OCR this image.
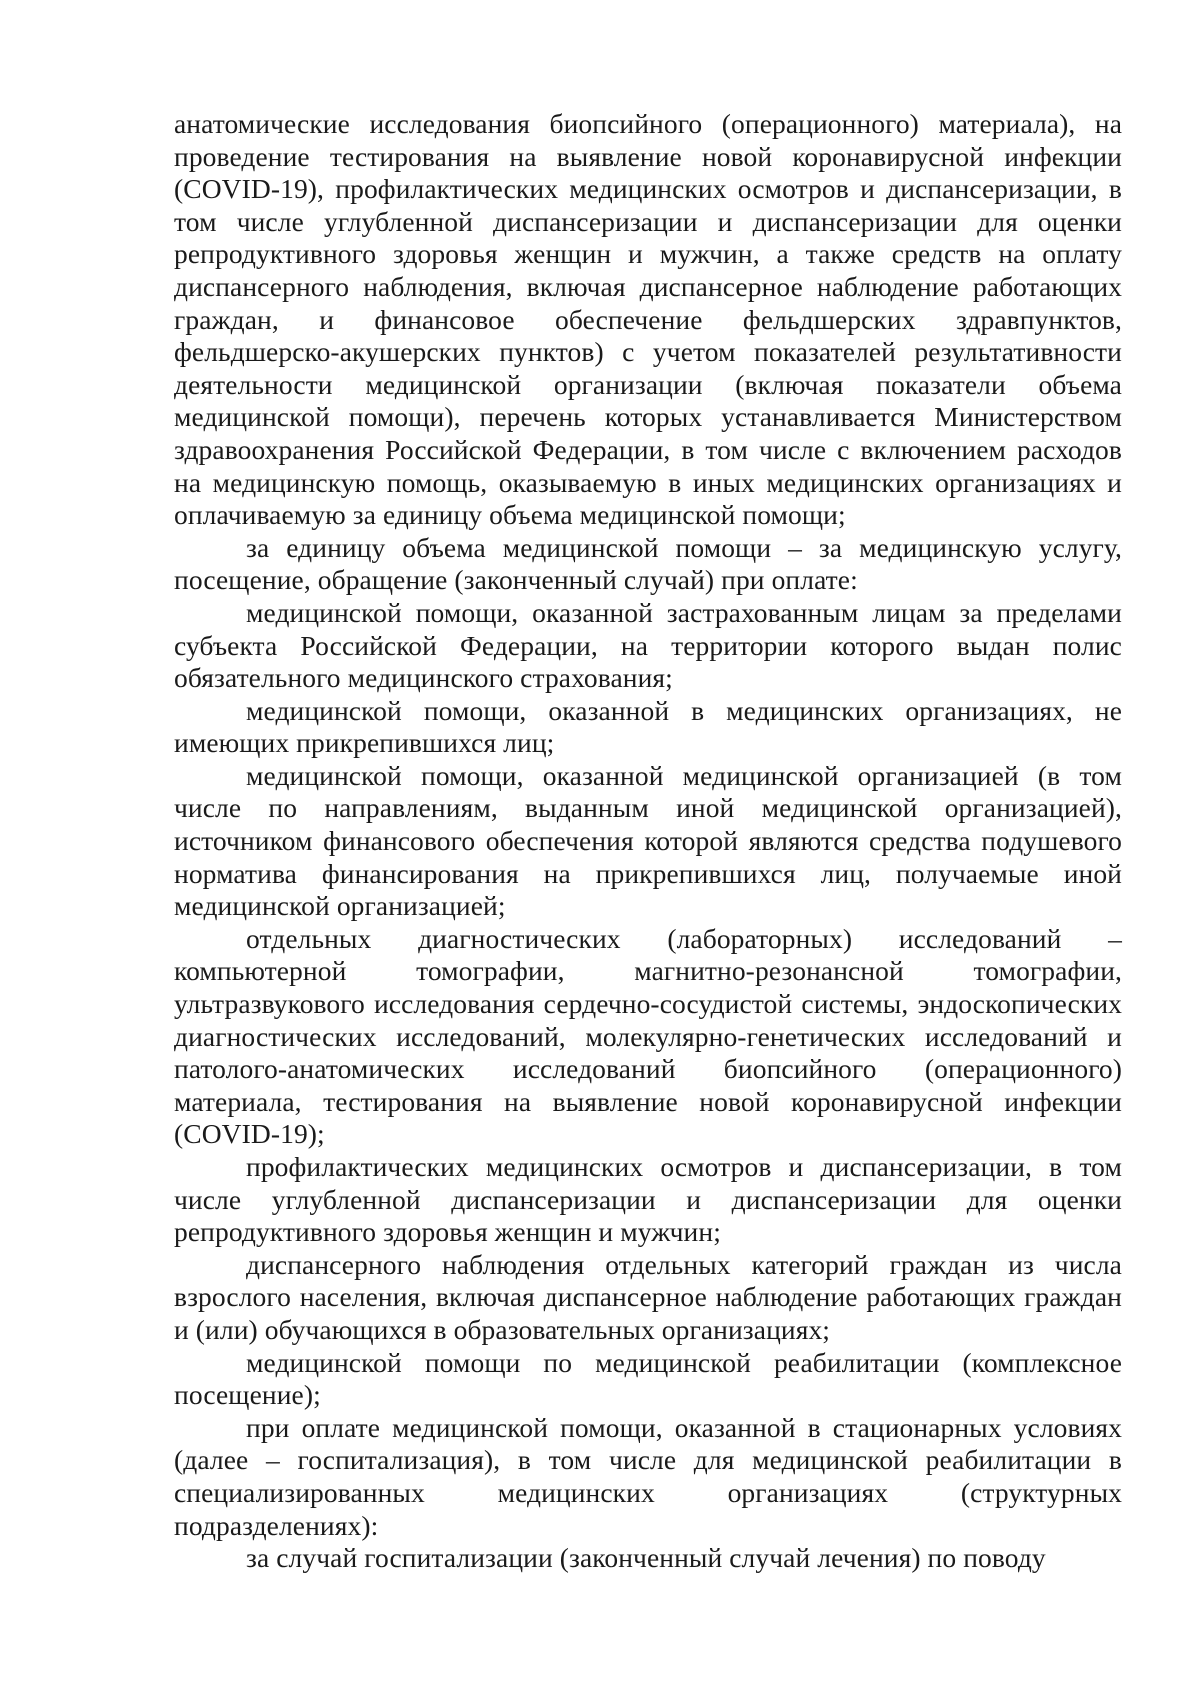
анатомические исследования биопсийного (операционного) материала), на проведение тестирования на выявление новой коронавирусной инфекции (COVID-19), профилактических медицинских осмотров и диспансеризации, в том числе углубленной диспансеризации и диспансеризации для оценки репродуктивного здоровья женщин и мужчин, а также средств на оплату диспансерного наблюдения, включая диспансерное наблюдение работающих граждан, и финансовое обеспечение фельдшерских здравпунктов, фельдшерско-акушерских пунктов) с учетом показателей результативности деятельности медицинской организации (включая показатели объема медицинской помощи), перечень которых устанавливается Министерством здравоохранения Российской Федерации, в том числе с включением расходов на медицинскую помощь, оказываемую в иных медицинских организациях и оплачиваемую за единицу объема медицинской помощи;

за единицу объема медицинской помощи – за медицинскую услугу, посещение, обращение (законченный случай) при оплате:

медицинской помощи, оказанной застрахованным лицам за пределами субъекта Российской Федерации, на территории которого выдан полис обязательного медицинского страхования;

медицинской помощи, оказанной в медицинских организациях, не имеющих прикрепившихся лиц;

медицинской помощи, оказанной медицинской организацией (в том числе по направлениям, выданным иной медицинской организацией), источником финансового обеспечения которой являются средства подушевого норматива финансирования на прикрепившихся лиц, получаемые иной медицинской организацией;

отдельных диагностических (лабораторных) исследований – компьютерной томографии, магнитно-резонансной томографии, ультразвукового исследования сердечно-сосудистой системы, эндоскопических диагностических исследований, молекулярно-генетических исследований и патолого-анатомических исследований биопсийного (операционного) материала, тестирования на выявление новой коронавирусной инфекции (COVID-19);

профилактических медицинских осмотров и диспансеризации, в том числе углубленной диспансеризации и диспансеризации для оценки репродуктивного здоровья женщин и мужчин;

диспансерного наблюдения отдельных категорий граждан из числа взрослого населения, включая диспансерное наблюдение работающих граждан и (или) обучающихся в образовательных организациях;

медицинской помощи по медицинской реабилитации (комплексное посещение);

при оплате медицинской помощи, оказанной в стационарных условиях (далее – госпитализация), в том числе для медицинской реабилитации в специализированных медицинских организациях (структурных подразделениях):

за случай госпитализации (законченный случай лечения) по поводу
